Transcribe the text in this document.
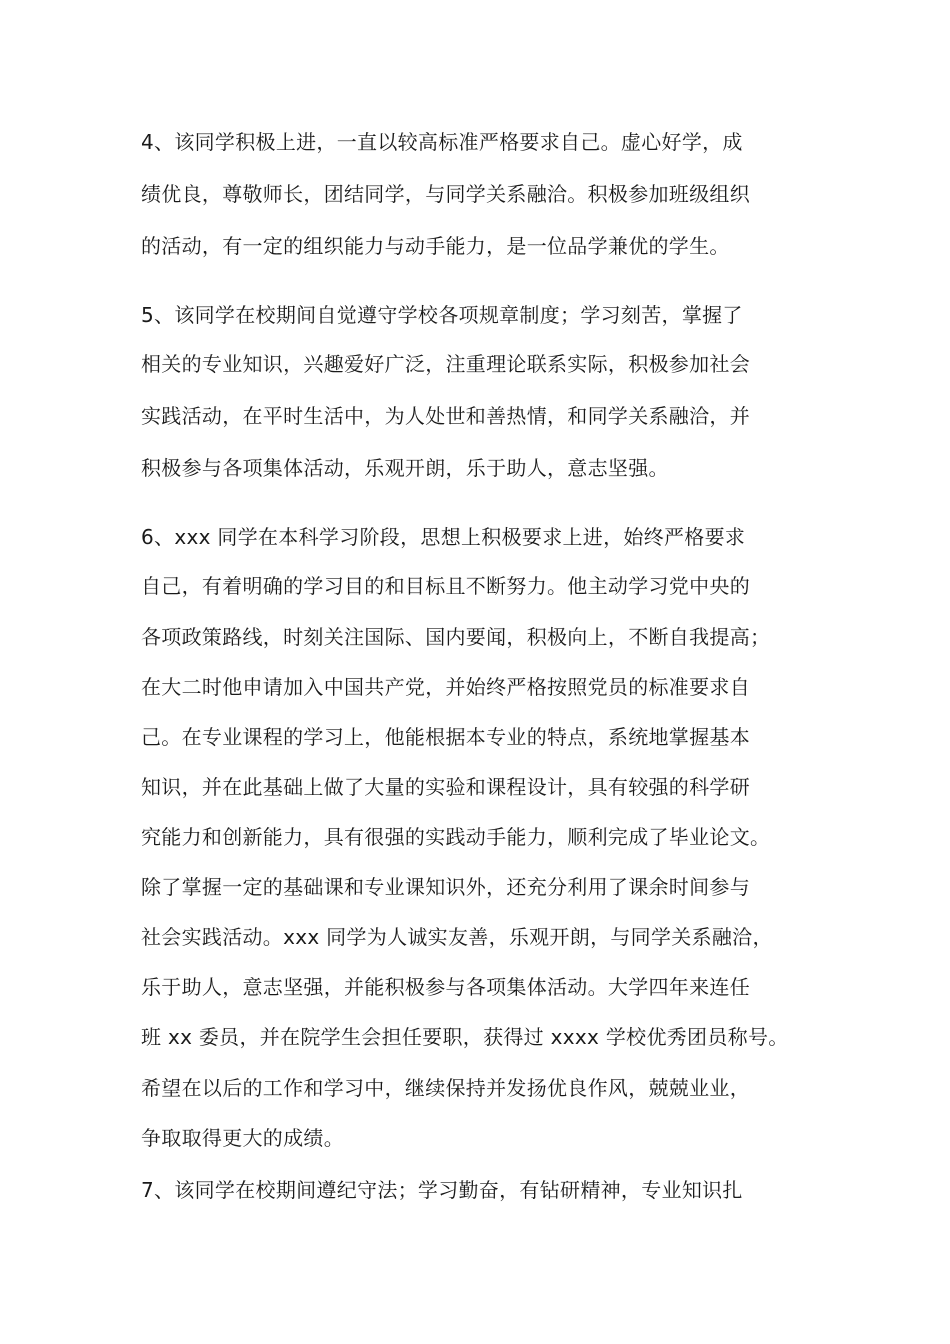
4、该同学积极上进，一直以较高标准严格要求自己。虚心好学，成
绩优良，尊敬师长，团结同学，与同学关系融洽。积极参加班级组织
的活动，有一定的组织能力与动手能力，是一位品学兼优的学生。
5、该同学在校期间自觉遵守学校各项规章制度；学习刻苦，掌握了
相关的专业知识，兴趣爱好广泛，注重理论联系实际，积极参加社会
实践活动，在平时生活中，为人处世和善热情，和同学关系融洽，并
积极参与各项集体活动，乐观开朗，乐于助人，意志坚强。
6、xxx 同学在本科学习阶段，思想上积极要求上进，始终严格要求
自己，有着明确的学习目的和目标且不断努力。他主动学习党中央的
各项政策路线，时刻关注国际、国内要闻，积极向上，不断自我提高；
在大二时他申请加入中国共产党，并始终严格按照党员的标准要求自
己。在专业课程的学习上，他能根据本专业的特点，系统地掌握基本
知识，并在此基础上做了大量的实验和课程设计，具有较强的科学研
究能力和创新能力，具有很强的实践动手能力，顺利完成了毕业论文。
除了掌握一定的基础课和专业课知识外，还充分利用了课余时间参与
社会实践活动。xxx 同学为人诚实友善，乐观开朗，与同学关系融洽，
乐于助人，意志坚强，并能积极参与各项集体活动。大学四年来连任
班 xx 委员，并在院学生会担任要职，获得过 xxxx 学校优秀团员称号。
希望在以后的工作和学习中，继续保持并发扬优良作风，兢兢业业，
争取取得更大的成绩。
7、该同学在校期间遵纪守法；学习勤奋，有钻研精神，专业知识扎
